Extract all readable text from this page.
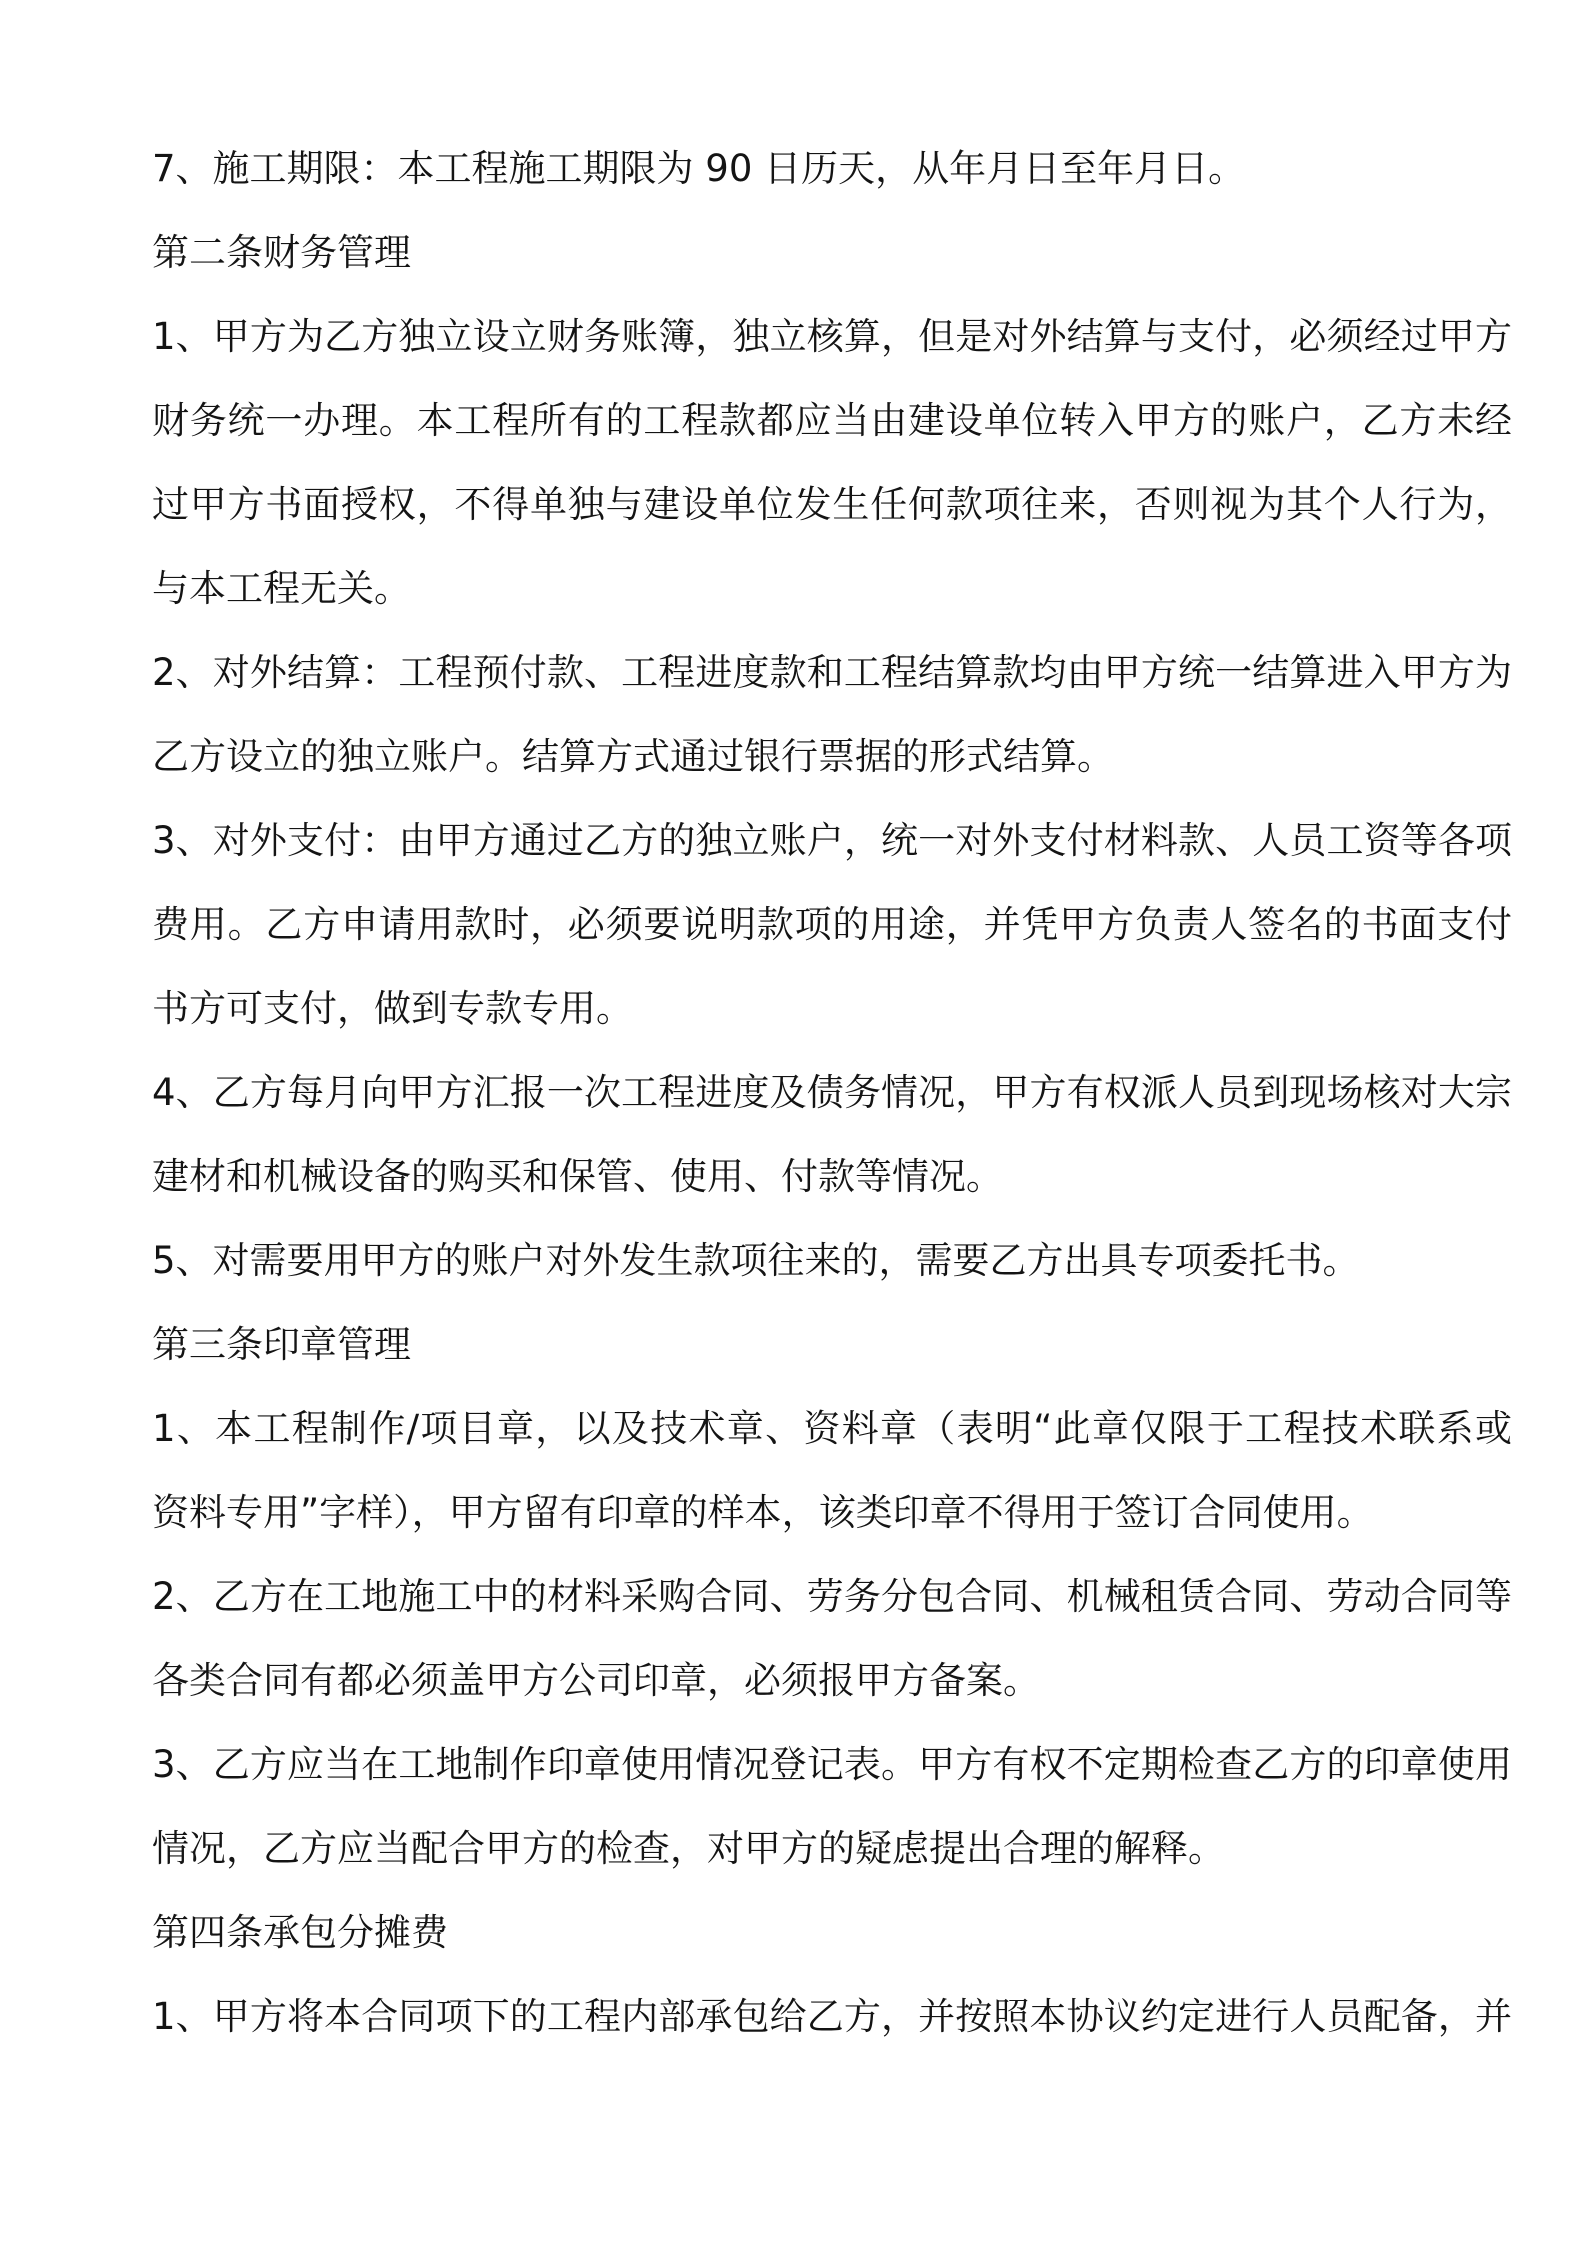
7、施工期限：本工程施工期限为 90 日历天，从年月日至年月日。
第二条财务管理
1、甲方为乙方独立设立财务账簿，独立核算，但是对外结算与支付，必须经过甲方
财务统一办理。本工程所有的工程款都应当由建设单位转入甲方的账户，乙方未经
过甲方书面授权，不得单独与建设单位发生任何款项往来，否则视为其个人行为，
与本工程无关。
2、对外结算：工程预付款、工程进度款和工程结算款均由甲方统一结算进入甲方为
乙方设立的独立账户。结算方式通过银行票据的形式结算。
3、对外支付：由甲方通过乙方的独立账户，统一对外支付材料款、人员工资等各项
费用。乙方申请用款时，必须要说明款项的用途，并凭甲方负责人签名的书面支付
书方可支付，做到专款专用。
4、乙方每月向甲方汇报一次工程进度及债务情况，甲方有权派人员到现场核对大宗
建材和机械设备的购买和保管、使用、付款等情况。
5、对需要用甲方的账户对外发生款项往来的，需要乙方出具专项委托书。
第三条印章管理
1、本工程制作/项目章，以及技术章、资料章（表明“此章仅限于工程技术联系或
资料专用”字样），甲方留有印章的样本，该类印章不得用于签订合同使用。
2、乙方在工地施工中的材料采购合同、劳务分包合同、机械租赁合同、劳动合同等
各类合同有都必须盖甲方公司印章，必须报甲方备案。
3、乙方应当在工地制作印章使用情况登记表。甲方有权不定期检查乙方的印章使用
情况，乙方应当配合甲方的检查，对甲方的疑虑提出合理的解释。
第四条承包分摊费
1、甲方将本合同项下的工程内部承包给乙方，并按照本协议约定进行人员配备，并
